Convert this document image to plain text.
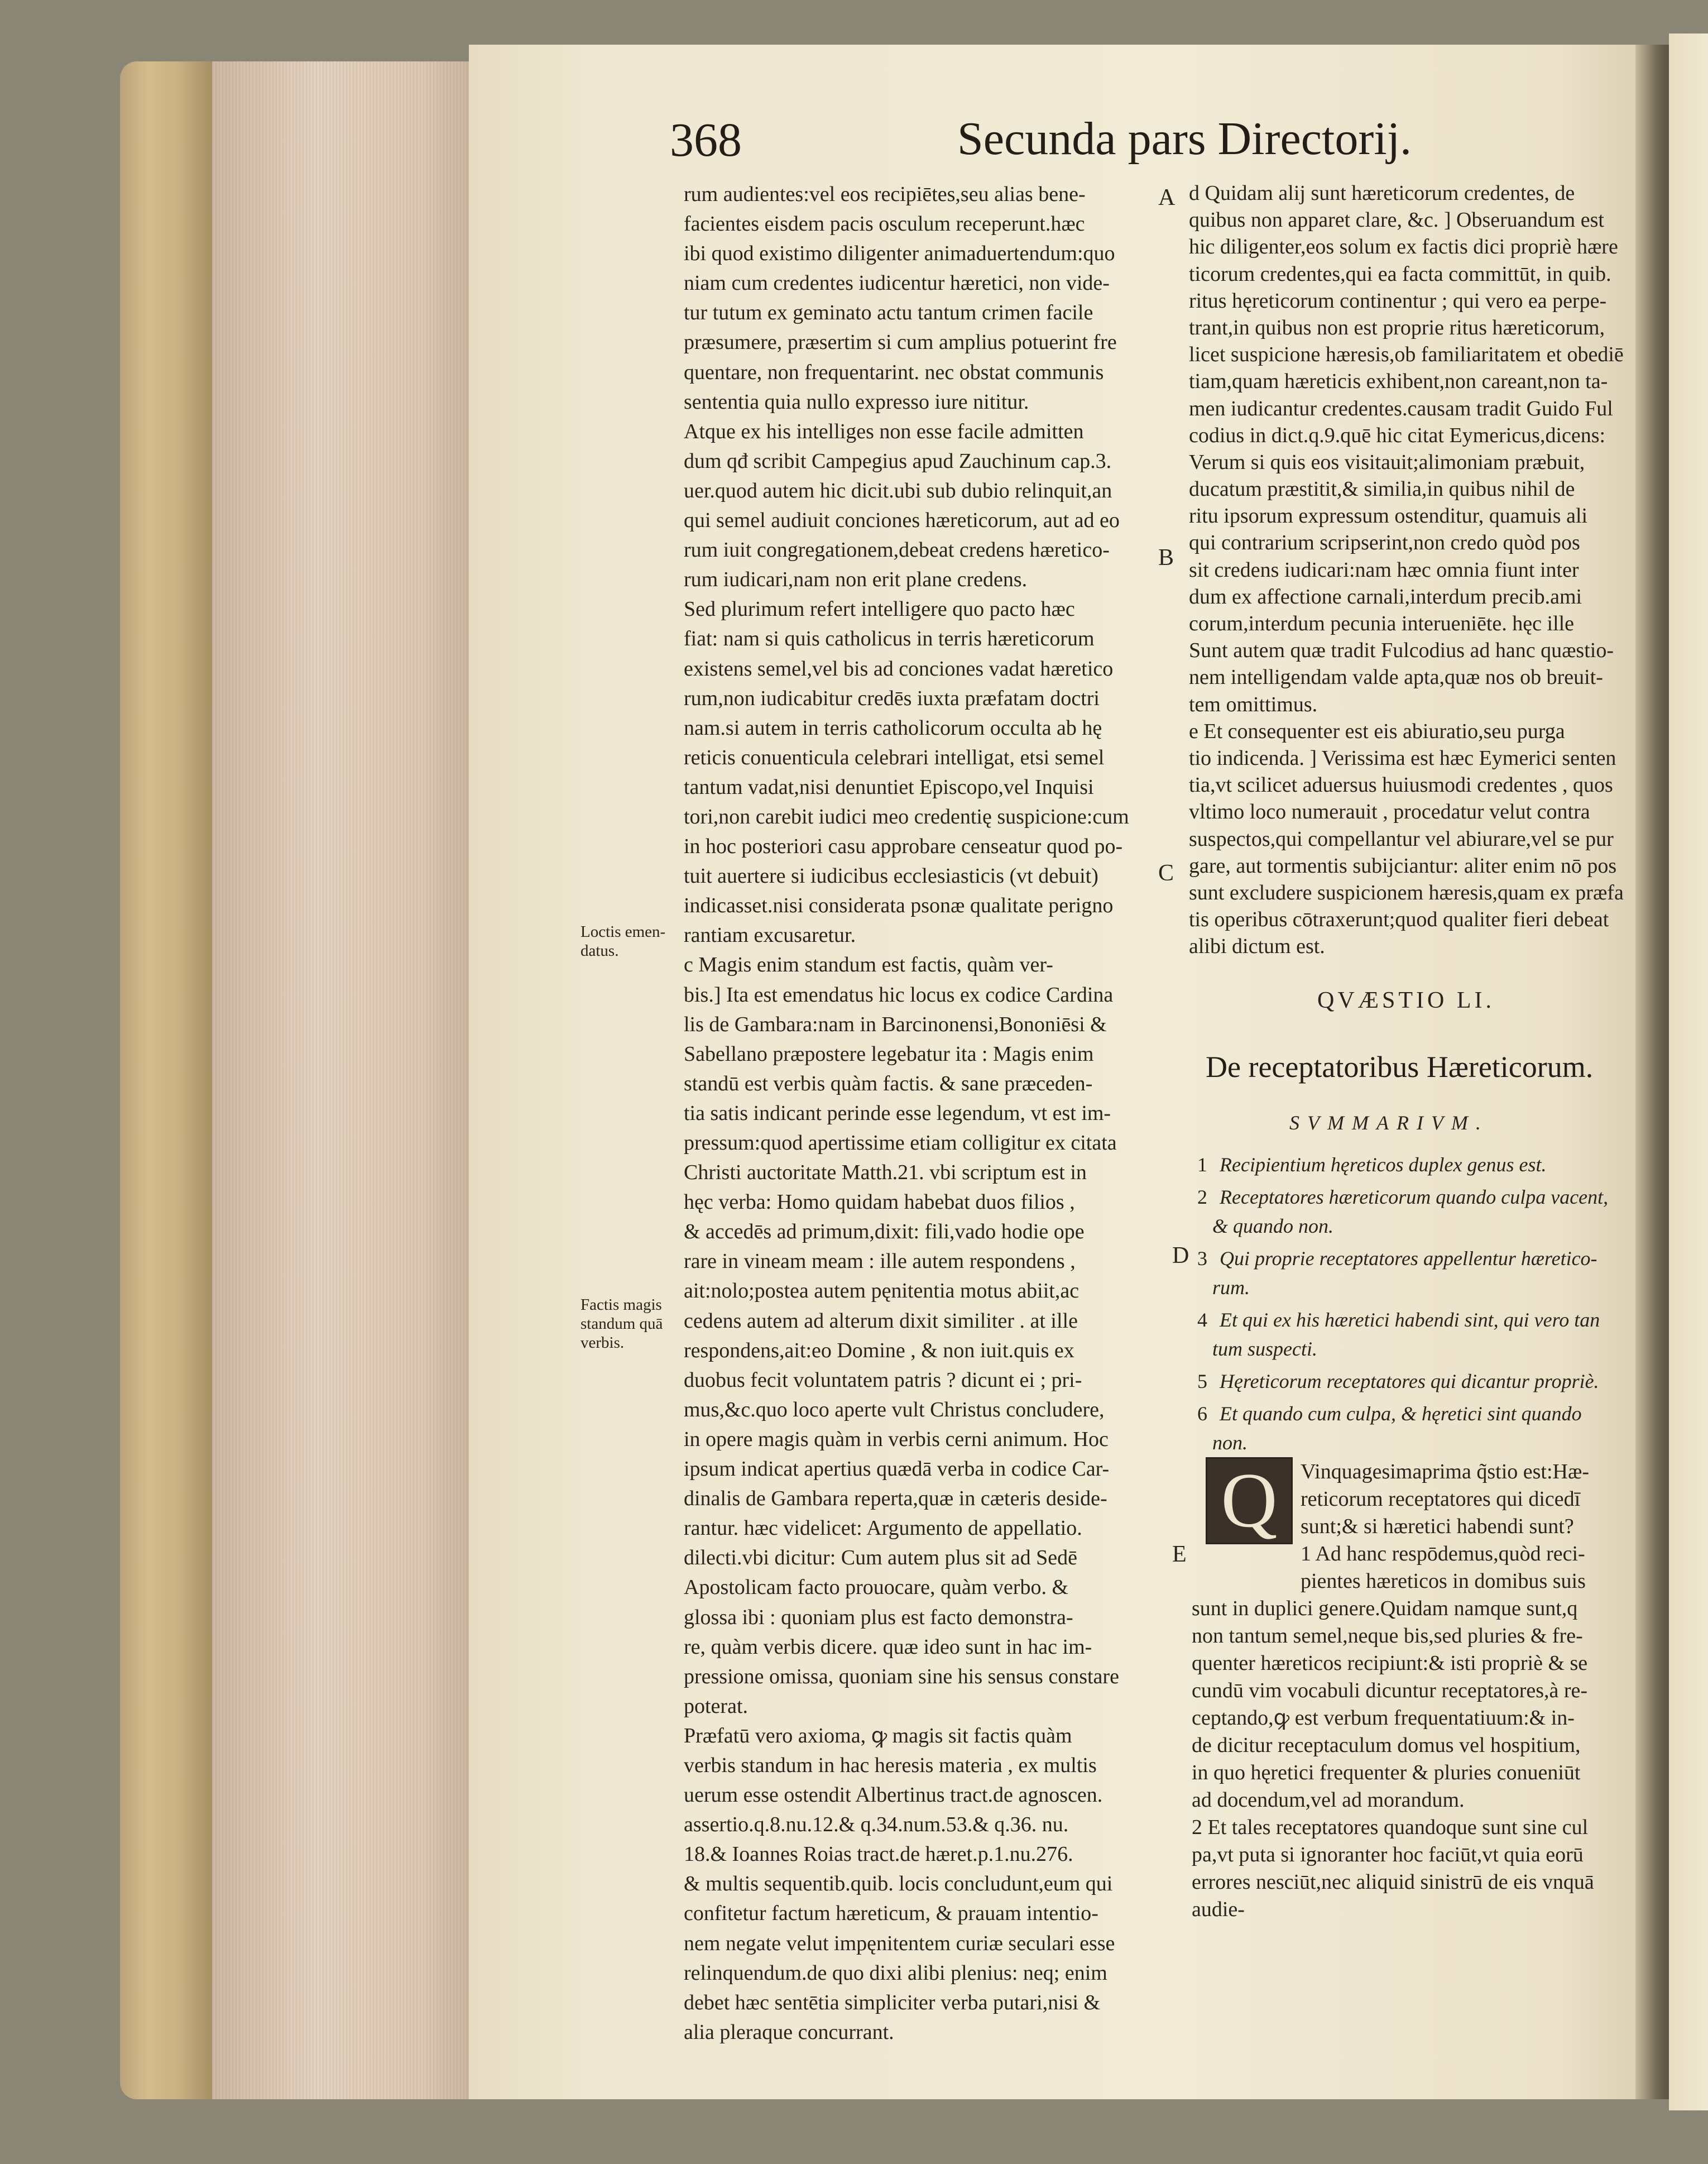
368	Secunda pars Directorij.
A
B
C
D
E
Loctis emen-
datus.
Factis magis
standum quā
verbis.
rum audientes:vel eos recipiētes,seu alias bene-
facientes eisdem pacis osculum receperunt.hæc
ibi quod existimo diligenter animaduertendum:quo
niam cum credentes iudicentur hæretici, non vide-
tur tutum ex geminato actu tantum crimen facile
præsumere, præsertim si cum amplius potuerint fre
quentare, non frequentarint. nec obstat communis
sententia quia nullo expresso iure nititur.
Atque ex his intelliges non esse facile admitten
dum qđ scribit Campegius apud Zauchinum cap.3.
uer.quod autem hic dicit.ubi sub dubio relinquit,an
qui semel audiuit conciones hæreticorum, aut ad eo
rum iuit congregationem,debeat credens hæretico-
rum iudicari,nam non erit plane credens.
Sed plurimum refert intelligere quo pacto hæc
fiat: nam si quis catholicus in terris hæreticorum
existens semel,vel bis ad conciones vadat hæretico
rum,non iudicabitur credēs iuxta præfatam doctri
nam.si autem in terris catholicorum occulta ab hę
reticis conuenticula celebrari intelligat, etsi semel
tantum vadat,nisi denuntiet Episcopo,vel Inquisi
tori,non carebit iudici meo credentię suspicione:cum
in hoc posteriori casu approbare censeatur quod po-
tuit auertere si iudicibus ecclesiasticis (vt debuit)
indicasset.nisi considerata psonæ qualitate perigno
rantiam excusaretur.
c Magis enim standum est factis, quàm ver-
bis.] Ita est emendatus hic locus ex codice Cardina
lis de Gambara:nam in Barcinonensi,Bononiēsi &
Sabellano præpostere legebatur ita : Magis enim
standū est verbis quàm factis. & sane præceden-
tia satis indicant perinde esse legendum, vt est im-
pressum:quod apertissime etiam colligitur ex citata
Christi auctoritate Matth.21. vbi scriptum est in
hęc verba: Homo quidam habebat duos filios ,
& accedēs ad primum,dixit: fili,vado hodie ope
rare in vineam meam : ille autem respondens ,
ait:nolo;postea autem pęnitentia motus abiit,ac
cedens autem ad alterum dixit similiter . at ille
respondens,ait:eo Domine , & non iuit.quis ex
duobus fecit voluntatem patris ? dicunt ei ; pri-
mus,&c.quo loco aperte vult Christus concludere,
in opere magis quàm in verbis cerni animum. Hoc
ipsum indicat apertius quædā verba in codice Car-
dinalis de Gambara reperta,quæ in cæteris deside-
rantur. hæc videlicet: Argumento de appellatio.
dilecti.vbi dicitur: Cum autem plus sit ad Sedē
Apostolicam facto prouocare, quàm verbo. &
glossa ibi : quoniam plus est facto demonstra-
re, quàm verbis dicere. quæ ideo sunt in hac im-
pressione omissa, quoniam sine his sensus constare
poterat.
Præfatū vero axioma, ꝙ magis sit factis quàm
verbis standum in hac heresis materia , ex multis
uerum esse ostendit Albertinus tract.de agnoscen.
assertio.q.8.nu.12.& q.34.num.53.& q.36. nu.
18.& Ioannes Roias tract.de hæret.p.1.nu.276.
& multis sequentib.quib. locis concludunt,eum qui
confitetur factum hæreticum, & prauam intentio-
nem negate velut impęnitentem curiæ seculari esse
relinquendum.de quo dixi alibi plenius: neq; enim
debet hæc sentētia simpliciter verba putari,nisi &
alia pleraque concurrant.
d Quidam alij sunt hæreticorum credentes, de
quibus non apparet clare, &c. ] Obseruandum est
hic diligenter,eos solum ex factis dici propriè hære
ticorum credentes,qui ea facta committūt, in quib.
ritus hęreticorum continentur ; qui vero ea perpe-
trant,in quibus non est proprie ritus hæreticorum,
licet suspicione hæresis,ob familiaritatem et obediē
tiam,quam hæreticis exhibent,non careant,non ta-
men iudicantur credentes.causam tradit Guido Ful
codius in dict.q.9.quē hic citat Eymericus,dicens:
Verum si quis eos visitauit;alimoniam præbuit,
ducatum præstitit,& similia,in quibus nihil de
ritu ipsorum expressum ostenditur, quamuis ali
qui contrarium scripserint,non credo quòd pos
sit credens iudicari:nam hæc omnia fiunt inter
dum ex affectione carnali,interdum precib.ami
corum,interdum pecunia interueniēte. hęc ille
Sunt autem quæ tradit Fulcodius ad hanc quæstio-
nem intelligendam valde apta,quæ nos ob breuit-
tem omittimus.
e Et consequenter est eis abiuratio,seu purga
tio indicenda. ] Verissima est hæc Eymerici senten
tia,vt scilicet aduersus huiusmodi credentes , quos
vltimo loco numerauit , procedatur velut contra
suspectos,qui compellantur vel abiurare,vel se pur
gare, aut tormentis subijciantur: aliter enim nō pos
sunt excludere suspicionem hæresis,quam ex præfa
tis operibus cōtraxerunt;quod qualiter fieri debeat
alibi dictum est.
QVÆSTIO LI.
De receptatoribus Hæreticorum.
SVMMARIVM.
1 Recipientium hęreticos duplex genus est.
2 Receptatores hæreticorum quando culpa vacent,
& quando non.
3 Qui proprie receptatores appellentur hæretico-
rum.
4 Et qui ex his hæretici habendi sint, qui vero tan
tum suspecti.
5 Hęreticorum receptatores qui dicantur propriè.
6 Et quando cum culpa, & hęretici sint quando
non.
Q	Vinquagesimaprima q̃stio est:Hæ-
reticorum receptatores qui dicedī
sunt;& si hæretici habendi sunt?
1 Ad hanc respōdemus,quòd reci-
pientes hæreticos in domibus suis
sunt in duplici genere.Quidam namque sunt,q
non tantum semel,neque bis,sed pluries & fre-
quenter hæreticos recipiunt:& isti propriè & se
cundū vim vocabuli dicuntur receptatores,à re-
ceptando,ꝙ est verbum frequentatiuum:& in-
de dicitur receptaculum domus vel hospitium,
in quo hęretici frequenter & pluries conueniūt
ad docendum,vel ad morandum.
2 Et tales receptatores quandoque sunt sine cul
pa,vt puta si ignoranter hoc faciūt,vt quia eorū
errores nesciūt,nec aliquid sinistrū de eis vnquā
audie-
